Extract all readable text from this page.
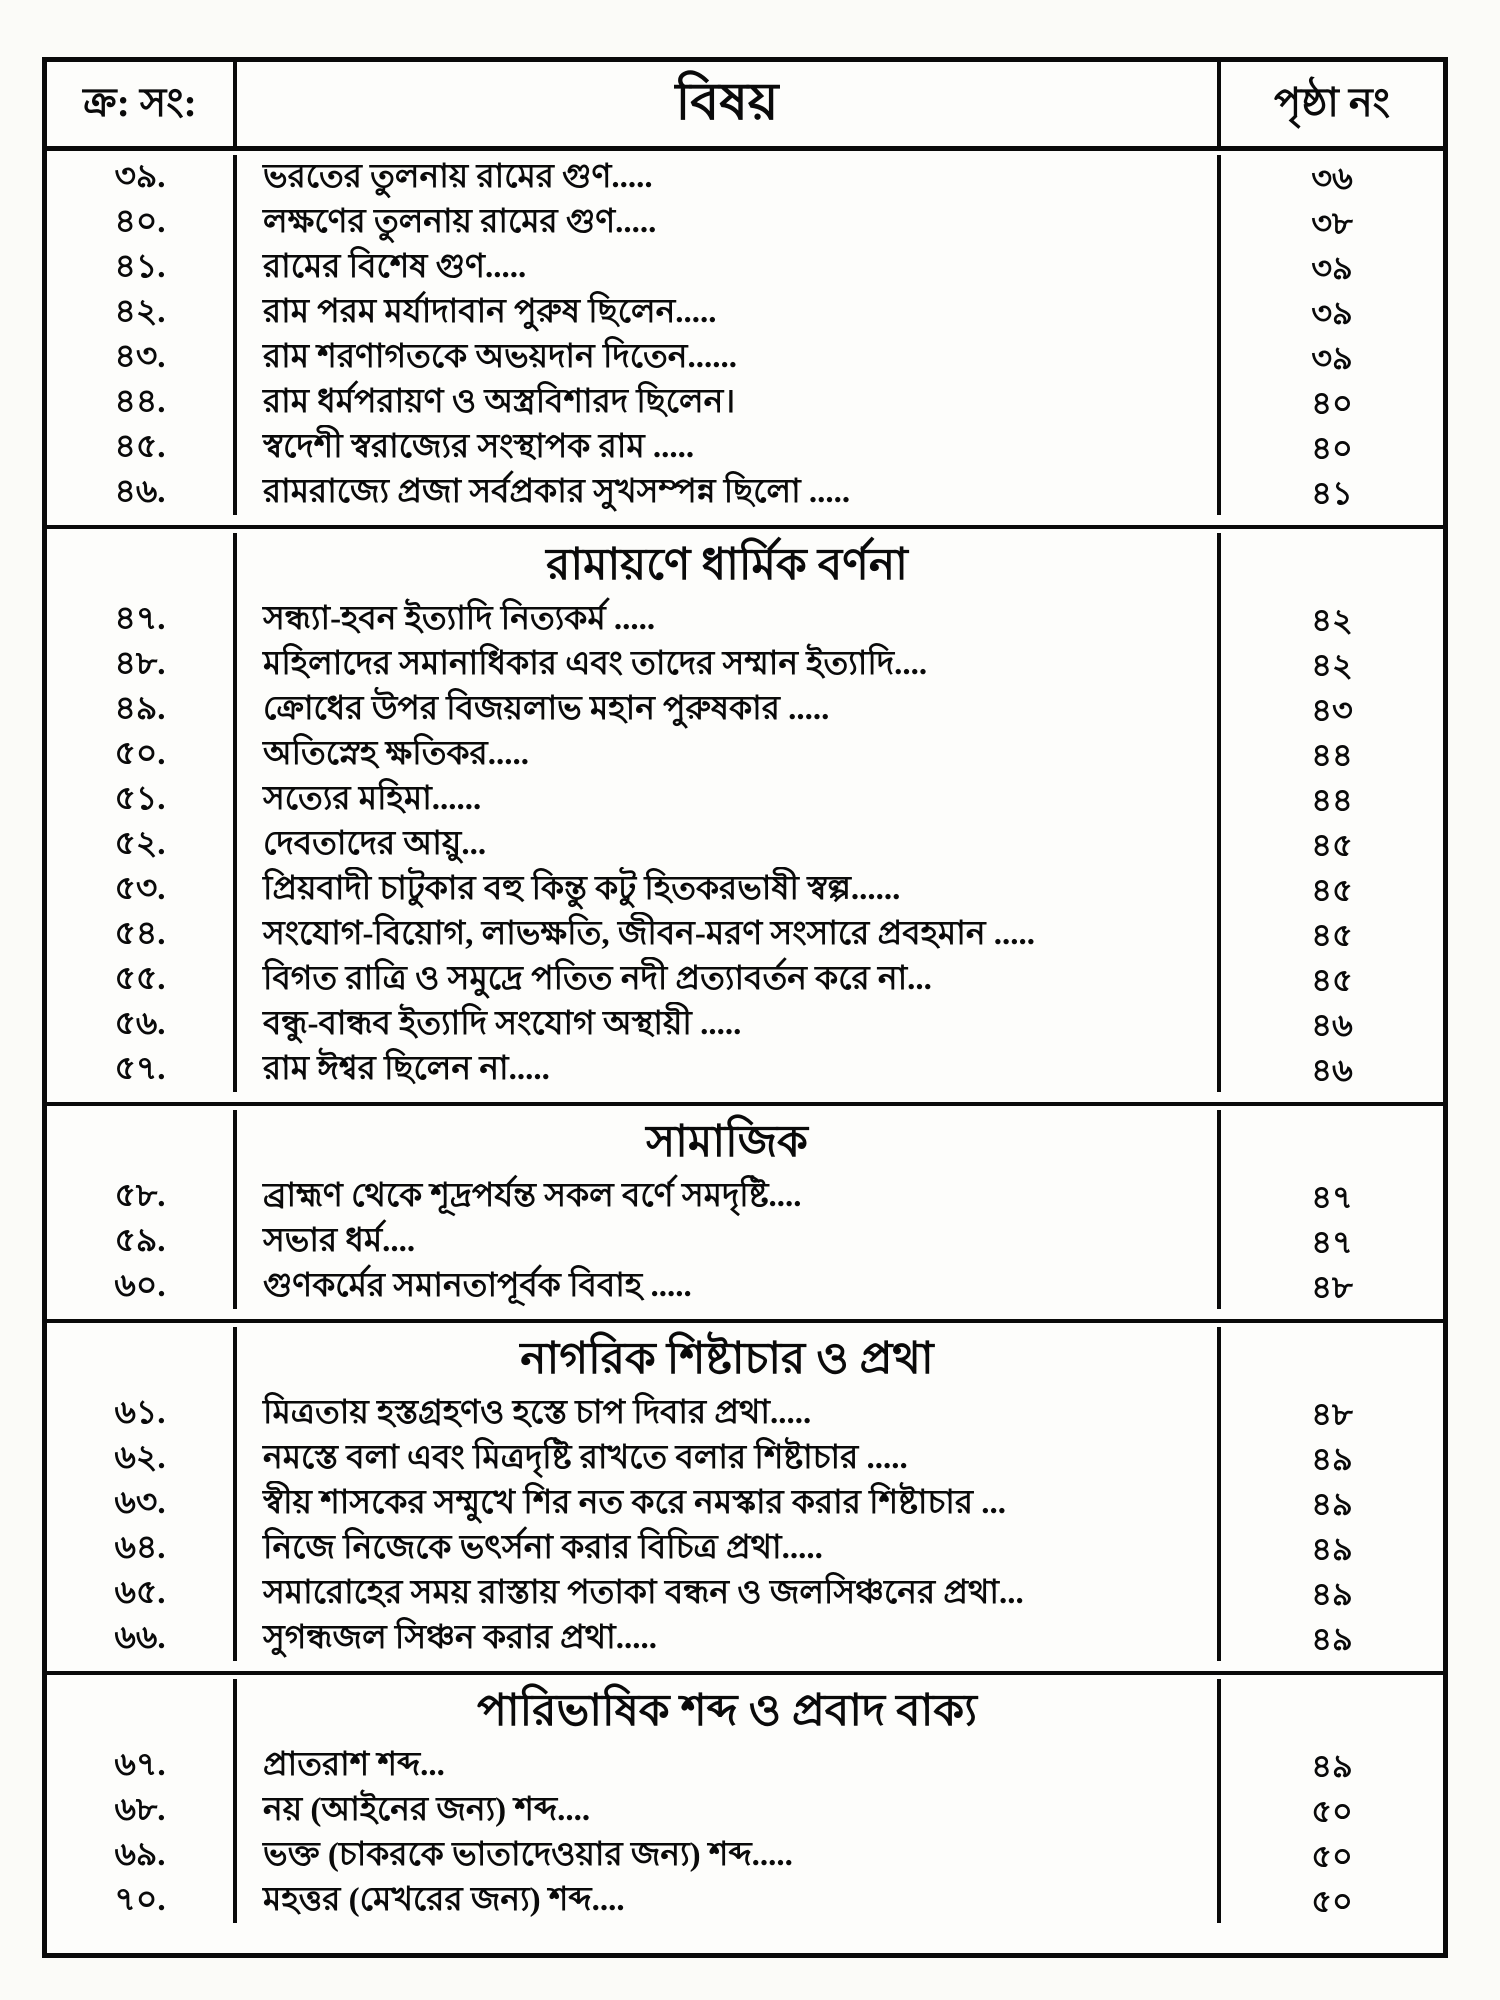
ক্র: সং:	বিষয়	পৃষ্ঠা নং
৩৯.	ভরতের তুলনায় রামের গুণ.....	৩৬
৪০.	লক্ষণের তুলনায় রামের গুণ.....	৩৮
৪১.	রামের বিশেষ গুণ.....	৩৯
৪২.	রাম পরম মর্যাদাবান পুরুষ ছিলেন.....	৩৯
৪৩.	রাম শরণাগতকে অভয়দান দিতেন......	৩৯
৪৪.	রাম ধর্মপরায়ণ ও অস্ত্রবিশারদ ছিলেন।	৪০
৪৫.	স্বদেশী স্বরাজ্যের সংস্থাপক রাম .....	৪০
৪৬.	রামরাজ্যে প্রজা সর্বপ্রকার সুখসম্পন্ন ছিলো .....	৪১
রামায়ণে ধার্মিক বর্ণনা
৪৭.	সন্ধ্যা-হবন ইত্যাদি নিত্যকর্ম .....	৪২
৪৮.	মহিলাদের সমানাধিকার এবং তাদের সম্মান ইত্যাদি....	৪২
৪৯.	ক্রোধের উপর বিজয়লাভ মহান পুরুষকার .....	৪৩
৫০.	অতিস্নেহ ক্ষতিকর.....	৪৪
৫১.	সত্যের মহিমা......	৪৪
৫২.	দেবতাদের আয়ু...	৪৫
৫৩.	প্রিয়বাদী চাটুকার বহু কিন্তু কটু হিতকরভাষী স্বল্প......	৪৫
৫৪.	সংযোগ-বিয়োগ, লাভক্ষতি, জীবন-মরণ সংসারে প্রবহমান .....	৪৫
৫৫.	বিগত রাত্রি ও সমুদ্রে পতিত নদী প্রত্যাবর্তন করে না...	৪৫
৫৬.	বন্ধু-বান্ধব ইত্যাদি সংযোগ অস্থায়ী .....	৪৬
৫৭.	রাম ঈশ্বর ছিলেন না.....	৪৬
সামাজিক
৫৮.	ব্রাহ্মণ থেকে শূদ্রপর্যন্ত সকল বর্ণে সমদৃষ্টি....	৪৭
৫৯.	সভার ধর্ম....	৪৭
৬০.	গুণকর্মের সমানতাপূর্বক বিবাহ .....	৪৮
নাগরিক শিষ্টাচার ও প্রথা
৬১.	মিত্রতায় হস্তগ্রহণও হস্তে চাপ দিবার প্রথা.....	৪৮
৬২.	নমস্তে বলা এবং মিত্রদৃষ্টি রাখতে বলার শিষ্টাচার .....	৪৯
৬৩.	স্বীয় শাসকের সম্মুখে শির নত করে নমস্কার করার শিষ্টাচার ...	৪৯
৬৪.	নিজে নিজেকে ভৎর্সনা করার বিচিত্র প্রথা.....	৪৯
৬৫.	সমারোহের সময় রাস্তায় পতাকা বন্ধন ও জলসিঞ্চনের প্রথা...	৪৯
৬৬.	সুগন্ধজল সিঞ্চন করার প্রথা.....	৪৯
পারিভাষিক শব্দ ও প্রবাদ বাক্য
৬৭.	প্রাতরাশ শব্দ...	৪৯
৬৮.	নয় (আইনের জন্য) শব্দ....	৫০
৬৯.	ভক্ত (চাকরকে ভাতাদেওয়ার জন্য) শব্দ.....	৫০
৭০.	মহত্তর (মেখরের জন্য) শব্দ....	৫০
